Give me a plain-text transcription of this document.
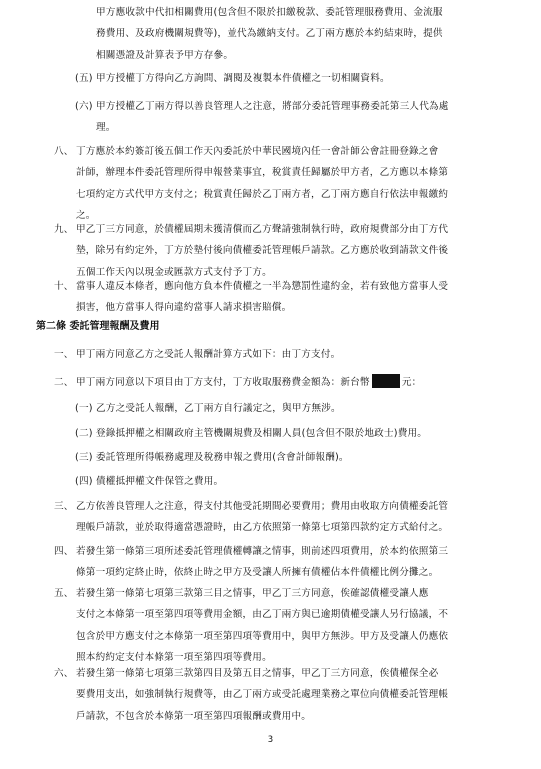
甲方應收款中代扣相關費用(包含但不限於扣繳稅款、委託管理服務費用、金流服
務費用、及政府機關規費等)，並代為繳納支付。乙丁兩方應於本約結束時，提供
相關憑證及計算表予甲方存參。
(五) 甲方授權丁方得向乙方詢問、調閱及複製本件債權之一切相關資料。
(六) 甲方授權乙丁兩方得以善良管理人之注意，將部分委託管理事務委託第三人代為處
理。
八、 丁方應於本約簽訂後五個工作天內委託於中華民國境內任一會計師公會註冊登錄之會
計師，辦理本件委託管理所得申報營業事宜，稅賞責任歸屬於甲方者，乙方應以本條第
七項約定方式代甲方支付之；稅賞責任歸於乙丁兩方者，乙丁兩方應自行依法申報繳約
之。
九、 甲乙丁三方同意，於債權屆期未獲清償而乙方聲請強制執行時，政府規費部分由丁方代
墊，除另有約定外，丁方於墊付後向債權委託管理帳戶請款。乙方應於收到請款文件後
五個工作天內以現金或匯款方式支付予丁方。
十、 當事人違反本條者，應向他方負本件債權之一半為懲罰性違約金，若有致他方當事人受
損害，他方當事人得向違約當事人請求損害賠償。
第二條 委託管理報酬及費用
一、 甲丁兩方同意乙方之受託人報酬計算方式如下：由丁方支付。
二、 甲丁兩方同意以下項目由丁方支付，丁方收取服務費金額為：新台幣	元：
(一) 乙方之受託人報酬，乙丁兩方自行議定之，與甲方無涉。
(二) 登錄抵押權之相關政府主管機關規費及相關人員(包含但不限於地政士)費用。
(三) 委託管理所得帳務處理及稅務申報之費用(含會計師報酬)。
(四) 債權抵押權文件保管之費用。
三、 乙方依善良管理人之注意，得支付其他受託期間必要費用；費用由收取方向債權委託管
理帳戶請款，並於取得適當憑證時，由乙方依照第一條第七項第四款約定方式給付之。
四、 若發生第一條第三項所述委託管理債權轉讓之情事，則前述四項費用，於本約依照第三
條第一項約定終止時，依終止時之甲方及受讓人所擁有債權佔本件債權比例分攤之。
五、 若發生第一條第七項第三款第三目之情事，甲乙丁三方同意，俟確認債權受讓人應
支付之本條第一項至第四項等費用金額，由乙丁兩方與已逾期債權受讓人另行協議，不
包含於甲方應支付之本條第一項至第四項等費用中，與甲方無涉。甲方及受讓人仍應依
照本約約定支付本條第一項至第四項等費用。
六、 若發生第一條第七項第三款第四目及第五目之情事，甲乙丁三方同意，俟債權保全必
要費用支出，如強制執行規費等，由乙丁兩方或受託處理業務之單位向債權委託管理帳
戶請款，不包含於本條第一項至第四項報酬或費用中。
3
